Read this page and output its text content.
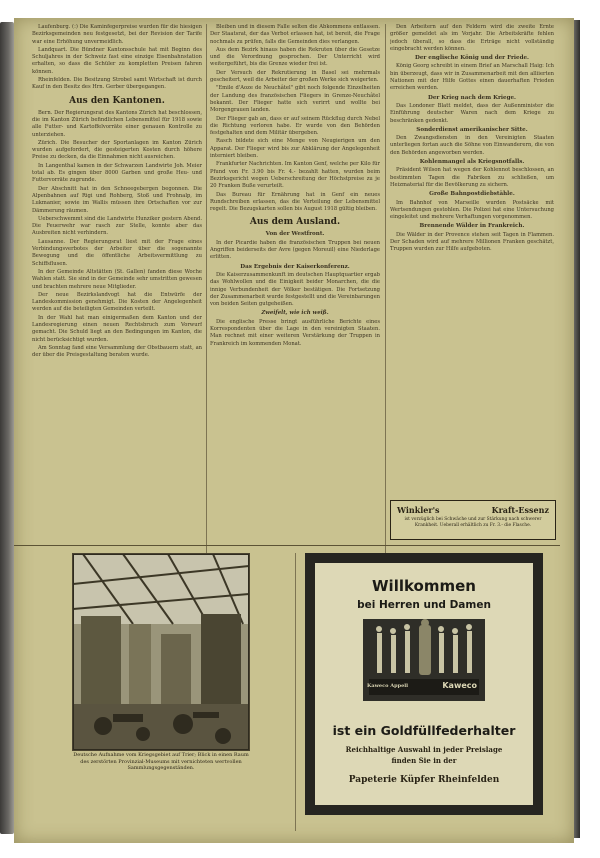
Laufenburg. (:) Die Kaminfegerpreise wurden für die hiesigen Bezirksgemeinden neu festgesetzt, bei der Revision der Tarife war eine Erhöhung unvermeidlich.

Landquart. Die Bündner Kantonsschule hat mit Beginn des Schuljahres in der Schweiz fast eine einzige Eisenbahnstation erhalten, so dass die Schüler zu kompletten Preisen fahren können.

Rheinfelden. Die Besitzung Strobel samt Wirtschaft ist durch Kauf in den Besitz des Hrn. Gerber übergegangen.

Aus den Kantonen.

Bern. Der Regierungsrat des Kantons Zürich hat beschlossen, die im Kanton Zürich befindlichen Lebensmittel für 1918 sowie alle Futter- und Kartoffelvorräte einer genauen Kontrolle zu unterziehen.

Zürich. Die Besucher der Sportanlagen im Kanton Zürich wurden aufgefordert, die gesteigerten Kosten durch höhere Preise zu decken, da die Einnahmen nicht ausreichen.

In Langenthal kamen in der Schwarzen Landwirte Joh. Meier total ab. Es gingen über 8000 Garben und große Heu- und Futtervorräte zugrunde.

Der Abschnitt hat in den Schneegebergen begonnen. Die Alpenbahnen auf Rigi und Rohberg, Stoß und Frohnalp, im Lukmanier, sowie im Wallis müssen ihre Ortschaften vor zur Dämmerung räumen.

Ueberschwemmt sind die Landwirte Hunziker gestern Abend. Die Feuerwehr war rasch zur Stelle, konnte aber das Ausbreiten nicht verhindern.

Lausanne. Der Regierungsrat liest mit der Frage eines Verbindungsverbotes der Arbeiter über die sogenannte Bewegung und die öffentliche Arbeitsvermittlung zu Schiffsflusen.

In der Gemeinde Altstätten (St. Gallen) fanden diese Woche Wahlen statt. Sie sind in der Gemeinde sehr umstritten gewesen und brachten mehrere neue Mitglieder.

Der neue Bezirkslandvogt hat die Entwürfe der Landeskommission genehmigt. Die Kosten der Angelegenheit werden auf die beteiligten Gemeinden verteilt.

In der Wahl hat man einigermaßen dem Kanton und der Landesregierung einen neuen Rechtsbruch zum Vorwurf gemacht. Die Schuld liegt an den Bedingungen im Kanton, die nicht berücksichtigt wurden.

Am Sonntag fand eine Versammlung der Obstbauern statt, an der über die Preisgestaltung beraten wurde.

Bleiben und in diesem Falle selten die Abkommens entlassen. Der Staatsrat, der das Verbot erlassen hat, ist bereit, die Frage nochmals zu prüfen, falls die Gemeinden dies verlangen.

Aus dem Bezirk hinaus haben die Rekruten über die Gesetze und die Verordnung gesprochen. Der Unterricht wird weitergeführt, bis die Grenze wieder frei ist.

Der Versuch der Rekrutierung in Basel sei mehrmals gescheitert, weil die Arbeiter der großen Werke sich weigerten.

"Emile d'Aoze de Neuchâtel" gibt noch folgende Einzelheiten der Landung des französischen Fliegers in Grenze-Neuchâtel bekannt. Der Flieger hatte sich verirrt und wollte bei Morgengrauen landen.

Der Flieger gab an, dass er auf seinem Rückflug durch Nebel die Richtung verloren habe. Er wurde von den Behörden festgehalten und dem Militär übergeben.

Rasch bildete sich eine Menge von Neugierigen um den Apparat. Der Flieger wird bis zur Abklärung der Angelegenheit interniert bleiben.

Frankfurter Nachrichten. Im Kanton Genf, welche per Kilo für Pfund von Fr. 3.90 bis Fr. 4.- bezahlt hatten, wurden beim Bezirksgericht wegen Ueberschreitung der Höchstpreise zu je 20 Franken Buße verurteilt.

Das Bureau für Ernährung hat in Genf ein neues Rundschreiben erlassen, das die Verteilung der Lebensmittel regelt. Die Bezugskarten sollen bis August 1918 gültig bleiben.

Aus dem Ausland.
Von der Westfront.

In der Picardie haben die französischen Truppen bei neuen Angriffen beiderseits der Avre (gegen Moreuil) eine Niederlage erlitten.

Das Ergebnis der Kaiserkonferenz.

Die Kaiserzusammenkunft im deutschen Hauptquartier ergab das Wohlwollen und die Einigkeit beider Monarchen, die die innige Verbundenheit der Völker bestätigen. Die Fortsetzung der Zusammenarbeit wurde festgestellt und die Vereinbarungen von beiden Seiten gutgeheißen.

Zweifelt, wie ich weiß.

Die englische Presse bringt ausführliche Berichte eines Korrespondenten über die Lage in den vereinigten Staaten. Man rechnet mit einer weiteren Verstärkung der Truppen in Frankreich im kommenden Monat.

Den Arbeitern auf den Feldern wird die zweite Ernte größer gemeldet als im Vorjahr. Die Arbeitskräfte fehlen jedoch überall, so dass die Erträge nicht vollständig eingebracht werden können.

Der englische König und der Friede.

König Georg schreibt in einem Brief an Marschall Haig: Ich bin überzeugt, dass wir in Zusammenarbeit mit den alliierten Nationen mit der Hilfe Gottes einen dauerhaften Frieden erreichen werden.

Der Krieg nach dem Kriege.

Das Londoner Blatt meldet, dass der Außenminister die Einführung deutscher Waren nach dem Kriege zu beschränken gedenkt.

Sonderdienst amerikanischer Sitte.

Den Zwangsdiensten in den Vereinigten Staaten unterliegen fortan auch die Söhne von Einwanderern, die von den Behörden angeworben werden.

Kohlenmangel als Kriegsnotfalls.

Präsident Wilson hat wegen der Kohlennot beschlossen, an bestimmten Tagen die Fabriken zu schließen, um Heizmaterial für die Bevölkerung zu sichern.

Große Bahnpostdiebstähle.

Im Bahnhof von Marseille wurden Postsäcke mit Wertsendungen gestohlen. Die Polizei hat eine Untersuchung eingeleitet und mehrere Verhaftungen vorgenommen.

Brennende Wälder in Frankreich.

Die Wälder in der Provence stehen seit Tagen in Flammen. Der Schaden wird auf mehrere Millionen Franken geschätzt, Truppen wurden zur Hilfe aufgeboten.

Winkler's	Kraft-Essenz
ist vorzüglich bei Schwäche und zur Stärkung nach schwerer Krankheit. Ueberall erhältlich zu Fr. 3.- die Flasche.
Deutsche Aufnahme vom Kriegsgebiet auf Trier; Blick in einen Raum des zerstörten Provinzial-Museums mit vernichteten wertvollen Sammlungsgegenständen.
Willkommen
bei Herren und Damen
Kaweco Appell	Kaweco
ist ein Goldfüllfederhalter
Reichhaltige Auswahl in jeder Preislage
finden Sie in der
Papeterie Küpfer Rheinfelden
